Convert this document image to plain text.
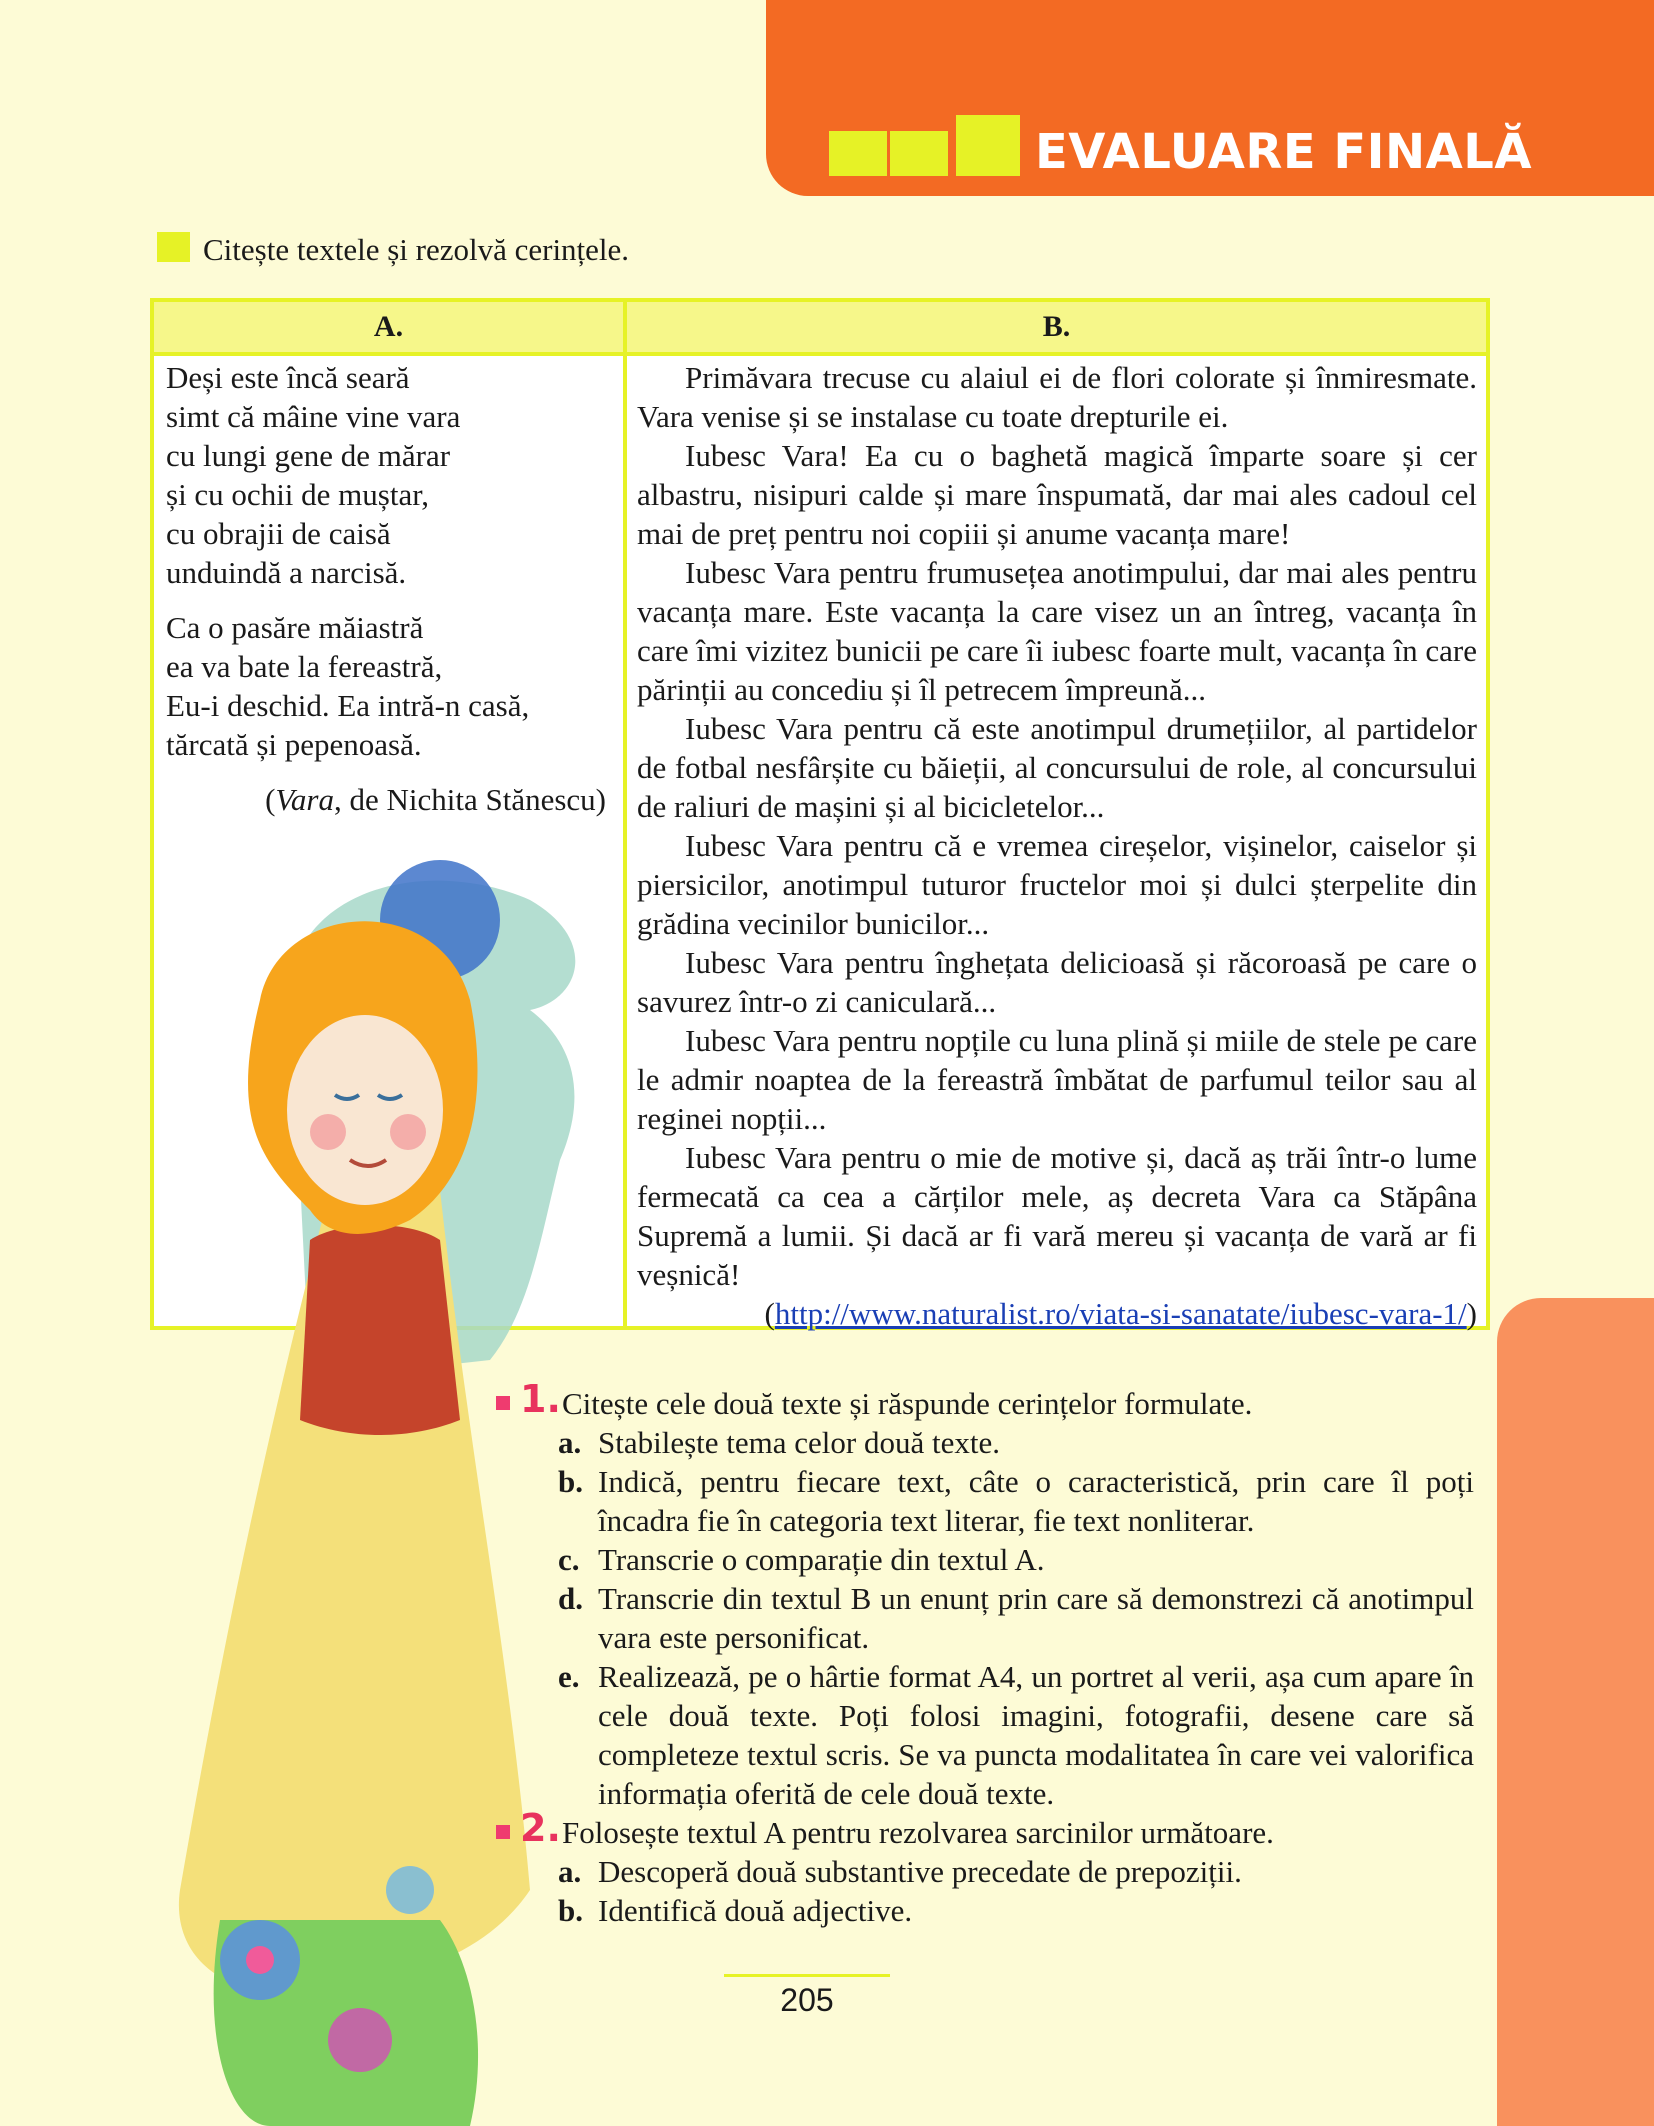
EVALUARE FINALĂ
Citește textele și rezolvă cerințele.
A.	B.
Deși este încă seară
simt că mâine vine vara
cu lungi gene de mărar
și cu ochii de muștar,
cu obrajii de caisă
unduindă a narcisă.
Ca o pasăre măiastră
ea va bate la fereastră,
Eu-i deschid. Ea intră-n casă,
tărcată și pepenoasă.
(Vara, de Nichita Stănescu)

Primăvara trecuse cu alaiul ei de flori colorate și înmiresmate. Vara venise și se instalase cu toate drepturile ei.

Iubesc Vara! Ea cu o baghetă magică împarte soare și cer albastru, nisipuri calde și mare înspumată, dar mai ales cadoul cel mai de preț pentru noi copiii și anume vacanța mare!

Iubesc Vara pentru frumusețea anotimpului, dar mai ales pentru vacanța mare. Este vacanța la care visez un an întreg, vacanța în care îmi vizitez bunicii pe care îi iubesc foarte mult, vacanța în care părinții au concediu și îl petrecem împreună...

Iubesc Vara pentru că este anotimpul drumețiilor, al partidelor de fotbal nesfârșite cu băieții, al concursului de role, al concursului de raliuri de mașini și al bicicletelor...

Iubesc Vara pentru că e vremea cireșelor, vișinelor, caiselor și piersicilor, anotimpul tuturor fructelor moi și dulci șterpelite din grădina vecinilor bunicilor...

Iubesc Vara pentru înghețata delicioasă și răcoroasă pe care o savurez într-o zi caniculară...

Iubesc Vara pentru nopțile cu luna plină și miile de stele pe care le admir noaptea de la fereastră îmbătat de parfumul teilor sau al reginei nopții...

Iubesc Vara pentru o mie de motive și, dacă aș trăi într-o lume fermecată ca cea a cărților mele, aș decreta Vara ca Stăpâna Supremă a lumii. Și dacă ar fi vară mereu și vacanța de vară ar fi veșnică!

(http://www.naturalist.ro/viata-si-sanatate/iubesc-vara-1/)
1. Citește cele două texte și răspunde cerințelor formulate.
a. Stabilește tema celor două texte.
b. Indică, pentru fiecare text, câte o caracteristică, prin care îl poți încadra fie în categoria text literar, fie text nonliterar.
c. Transcrie o comparație din textul A.
d. Transcrie din textul B un enunț prin care să demonstrezi că anotimpul vara este personificat.
e. Realizează, pe o hârtie format A4, un portret al verii, așa cum apare în cele două texte. Poți folosi imagini, fotografii, desene care să completeze textul scris. Se va puncta modalitatea în care vei valorifica informația oferită de cele două texte.
2. Folosește textul A pentru rezolvarea sarcinilor următoare.
a. Descoperă două substantive precedate de prepoziții.
b. Identifică două adjective.
205
